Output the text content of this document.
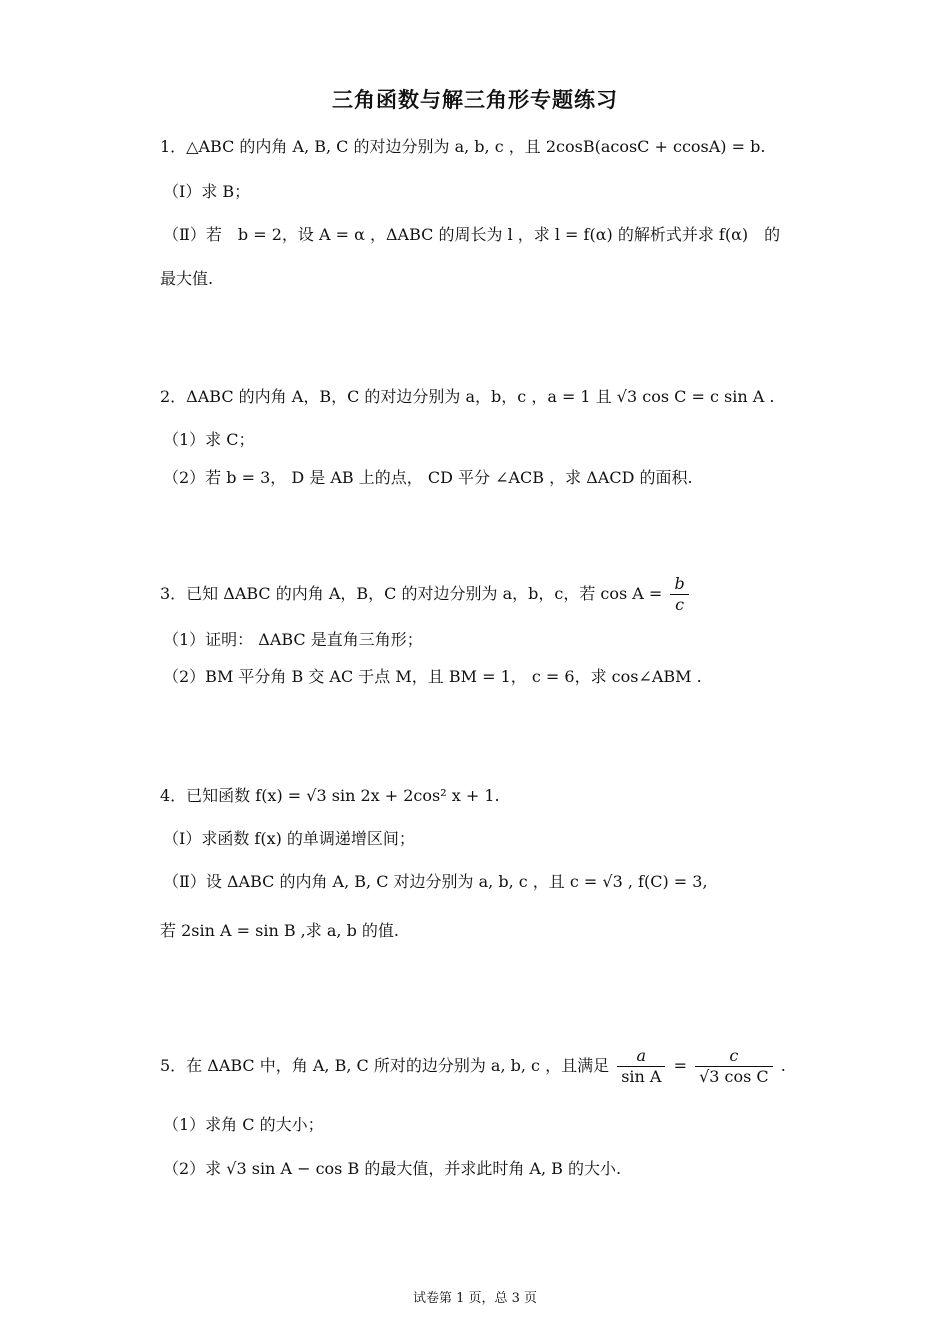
三角函数与解三角形专题练习
1．△ABC 的内角 A, B, C 的对边分别为 a, b, c ，且 2cosB(acosC + ccosA) = b.
（Ⅰ）求 B；
（Ⅱ）若　b = 2，设 A = α ，ΔABC 的周长为 l ，求 l = f(α) 的解析式并求 f(α)　的
最大值.
2．ΔABC 的内角 A，B，C 的对边分别为 a，b，c ，a = 1 且 √3 cos C = c sin A .
（1）求 C；
（2）若 b = 3， D 是 AB 上的点， CD 平分 ∠ACB ，求 ΔACD 的面积.
3．已知 ΔABC 的内角 A，B，C 的对边分别为 a，b，c，若 $\cos A = \frac{b}{c}$
（1）证明： ΔABC 是直角三角形；
（2）BM 平分角 B 交 AC 于点 M，且 BM = 1， c = 6，求 cos∠ABM .
4．已知函数 f(x) = √3 sin 2x + 2cos² x + 1.
（Ⅰ）求函数 f(x) 的单调递增区间；
（Ⅱ）设 ΔABC 的内角 A, B, C 对边分别为 a, b, c ，且 c = √3 , f(C) = 3,
若 2sin A = sin B ,求 a, b 的值.
5．在 ΔABC 中，角 A, B, C 所对的边分别为 a, b, c ，且满足 $\frac{a}{\text{sin A}} = \frac{c}{\text{√3 cos C}}$ .
（1）求角 C 的大小；
（2）求 √3 sin A − cos B 的最大值，并求此时角 A, B 的大小.
试卷第 1 页，总 3 页
